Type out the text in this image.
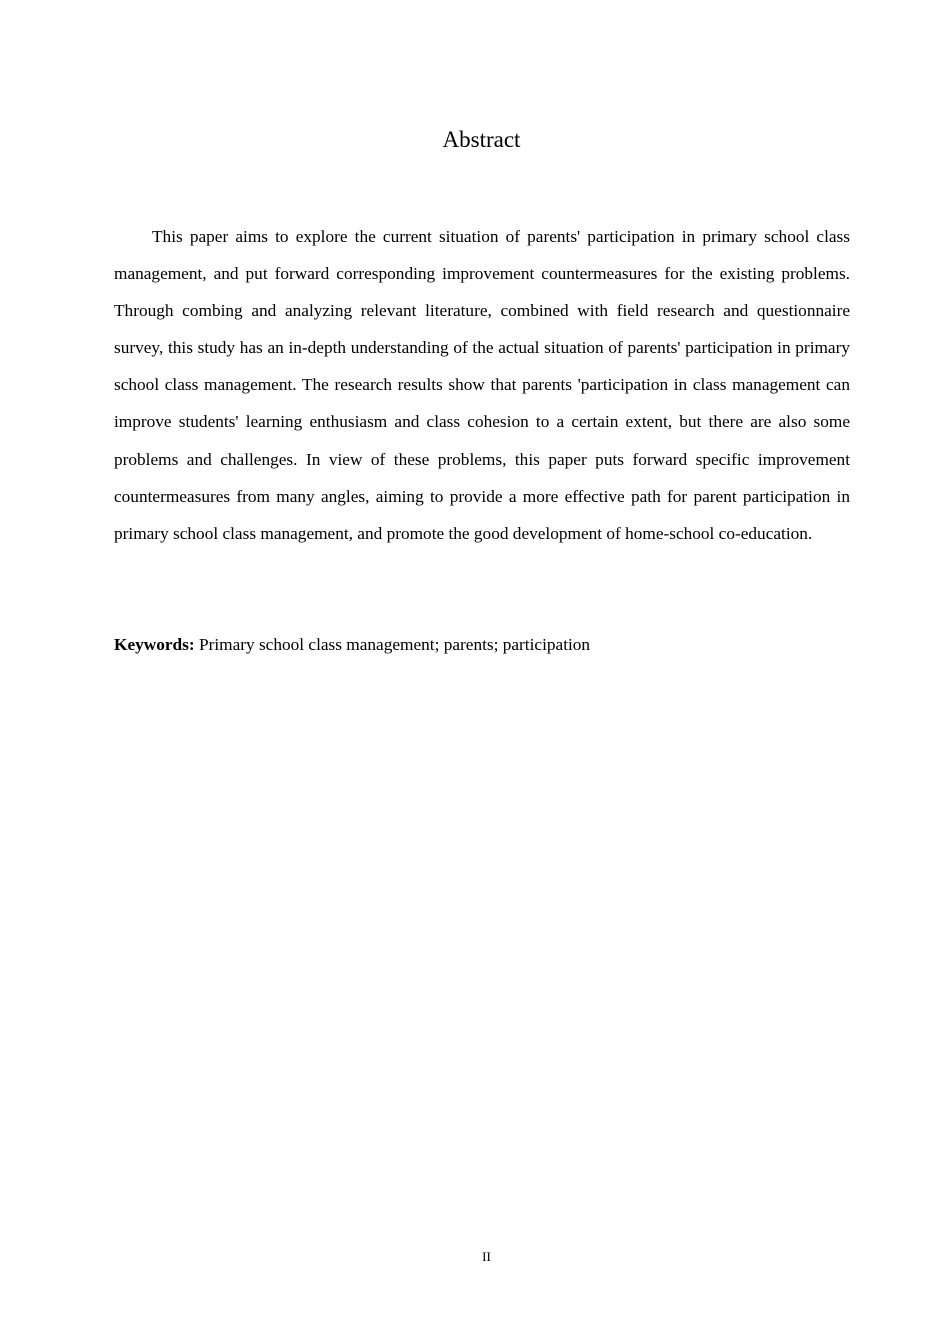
Abstract

This paper aims to explore the current situation of parents' participation in primary school class management, and put forward corresponding improvement countermeasures for the existing problems. Through combing and analyzing relevant literature, combined with field research and questionnaire survey, this study has an in-depth understanding of the actual situation of parents' participation in primary school class management. The research results show that parents 'participation in class management can improve students' learning enthusiasm and class cohesion to a certain extent, but there are also some problems and challenges. In view of these problems, this paper puts forward specific improvement countermeasures from many angles, aiming to provide a more effective path for parent participation in primary school class management, and promote the good development of home-school co-education.

Keywords: Primary school class management; parents; participation

II
